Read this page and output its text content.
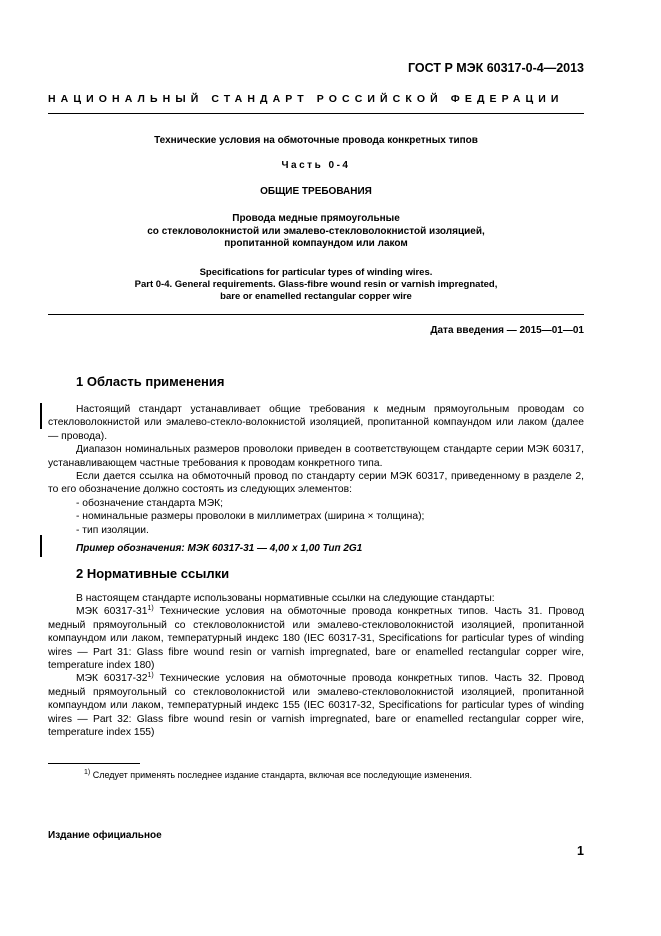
ГОСТ Р МЭК 60317-0-4—2013
НАЦИОНАЛЬНЫЙ СТАНДАРТ РОССИЙСКОЙ ФЕДЕРАЦИИ
Технические условия на обмоточные провода конкретных типов
Часть 0-4
ОБЩИЕ ТРЕБОВАНИЯ
Провода медные прямоугольные
со стекловолокнистой или эмалево-стекловолокнистой изоляцией,
пропитанной компаундом или лаком
Specifications for particular types of winding wires.
Part 0-4. General requirements. Glass-fibre wound resin or varnish impregnated,
bare or enamelled rectangular copper wire
Дата введения — 2015—01—01
1 Область применения

Настоящий стандарт устанавливает общие требования к медным прямоугольным проводам со стекловолокнистой или эмалево-стекло-волокнистой изоляцией, пропитанной компаундом или лаком (далее — провода).

Диапазон номинальных размеров проволоки приведен в соответствующем стандарте серии МЭК 60317, устанавливающем частные требования к проводам конкретного типа.

Если дается ссылка на обмоточный провод по стандарту серии МЭК 60317, приведенному в разделе 2, то его обозначение должно состоять из следующих элементов:

- обозначение стандарта МЭК;
- номинальные размеры проволоки в миллиметрах (ширина × толщина);
- тип изоляции.
Пример обозначения: МЭК 60317-31 — 4,00 х 1,00 Тип 2G1
2 Нормативные ссылки

В настоящем стандарте использованы нормативные ссылки на следующие стандарты:

МЭК 60317-31$^{1)}$ Технические условия на обмоточные провода конкретных типов. Часть 31. Провод медный прямоугольный со стекловолокнистой или эмалево-стекловолокнистой изоляцией, пропитанной компаундом или лаком, температурный индекс 180 (IEC 60317-31, Specifications for particular types of winding wires — Part 31: Glass fibre wound resin or varnish impregnated, bare or enamelled rectangular copper wire, temperature index 180)

МЭК 60317-32$^{1)}$ Технические условия на обмоточные провода конкретных типов. Часть 32. Провод медный прямоугольный со стекловолокнистой или эмалево-стекловолокнистой изоляцией, пропитанной компаундом или лаком, температурный индекс 155 (IEC 60317-32, Specifications for particular types of winding wires — Part 32: Glass fibre wound resin or varnish impregnated, bare or enamelled rectangular copper wire, temperature index 155)

$^{1)}$ Следует применять последнее издание стандарта, включая все последующие изменения.
Издание официальное
1
